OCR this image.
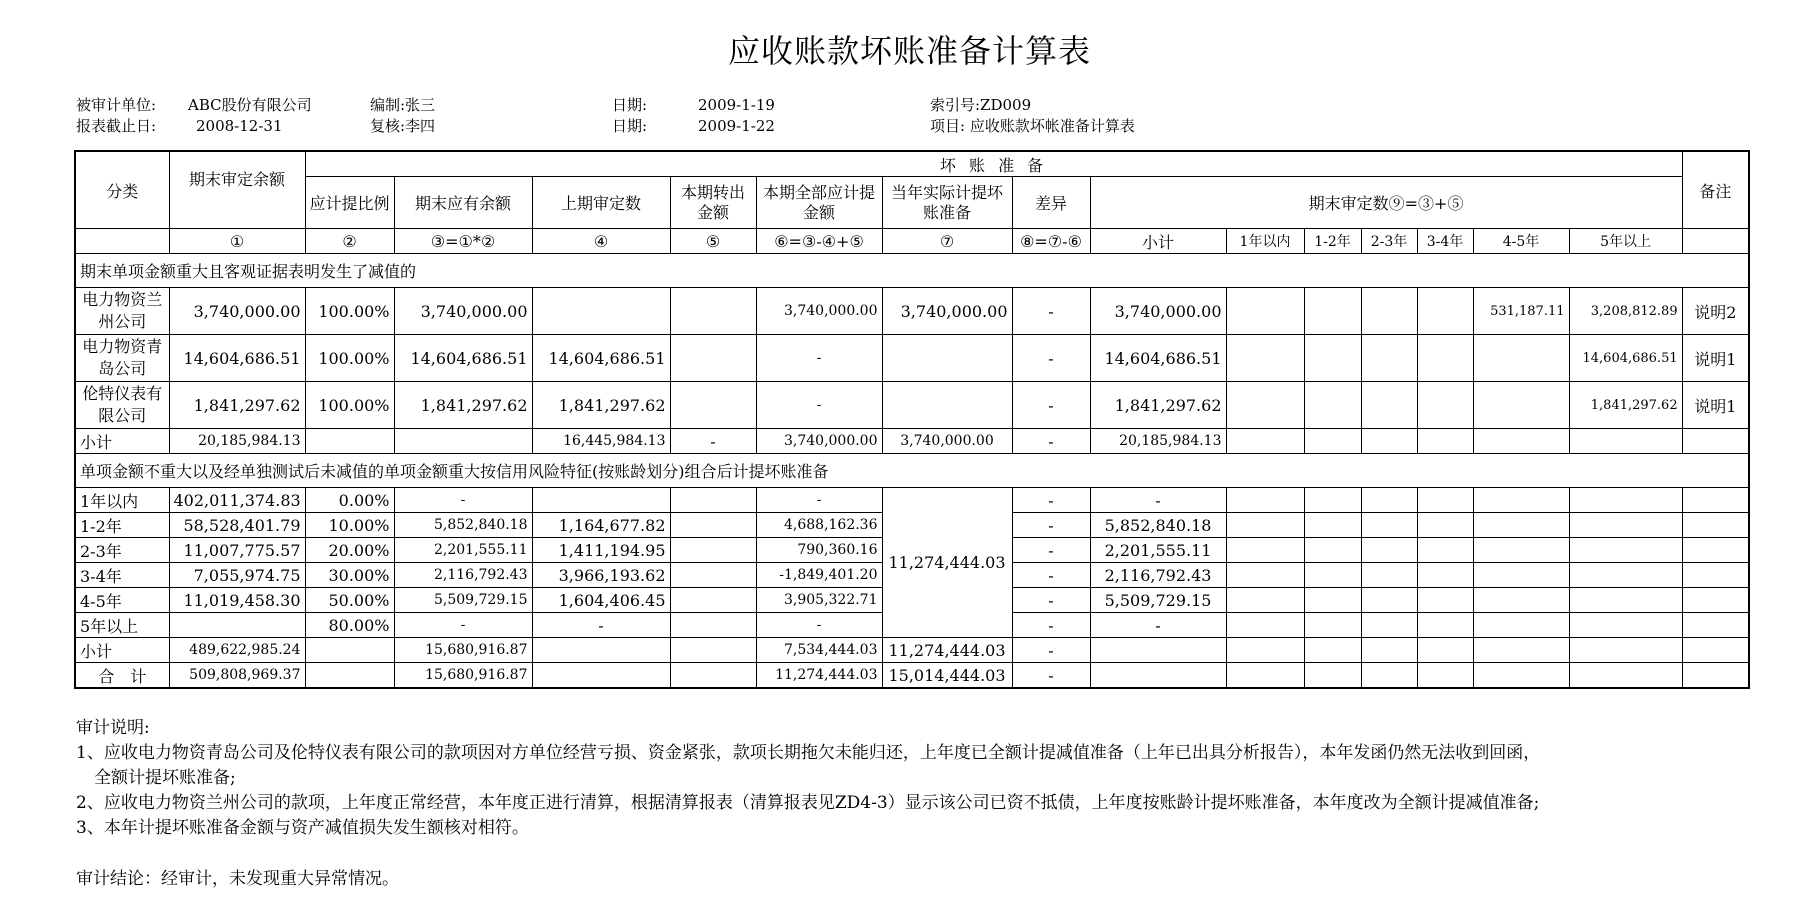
应收账款坏账准备计算表
被审计单位: ABC股份有限公司	编制:张三	日期:	2009-1-19	索引号:ZD009
报表截止日:	2008-12-31	复核:李四	日期:	2009-1-22	项目: 应收账款坏帐准备计算表
分类	期末审定余额	坏 账 准 备														备注
		应计提比例	期末应有余额	上期审定数	本期转出金额	本期全部应计提金额	当年实际计提坏账准备	差异	期末审定数⑨=③+⑤							
	①	②	③=①*②	④	⑤	⑥=③-④+⑤	⑦	⑧=⑦-⑥	小计	1年以内	1-2年	2-3年	3-4年	4-5年	5年以上	
期末单项金额重大且客观证据表明发生了减值的																
电力物资兰州公司	3,740,000.00	100.00%	3,740,000.00			3,740,000.00	3,740,000.00	-	3,740,000.00					531,187.11	3,208,812.89	说明2
电力物资青岛公司	14,604,686.51	100.00%	14,604,686.51	14,604,686.51		-		-	14,604,686.51						14,604,686.51	说明1
伦特仪表有限公司	1,841,297.62	100.00%	1,841,297.62	1,841,297.62		-		-	1,841,297.62						1,841,297.62	说明1
小计	20,185,984.13			16,445,984.13	-	3,740,000.00	3,740,000.00	-	20,185,984.13							
单项金额不重大以及经单独测试后未减值的单项金额重大按信用风险特征(按账龄划分)组合后计提坏账准备																
1年以内	402,011,374.83	0.00%	-			-	11,274,444.03	-	-							
1-2年	58,528,401.79	10.00%	5,852,840.18	1,164,677.82		4,688,162.36		-	5,852,840.18							
2-3年	11,007,775.57	20.00%	2,201,555.11	1,411,194.95		790,360.16		-	2,201,555.11							
3-4年	7,055,974.75	30.00%	2,116,792.43	3,966,193.62		-1,849,401.20		-	2,116,792.43							
4-5年	11,019,458.30	50.00%	5,509,729.15	1,604,406.45		3,905,322.71		-	5,509,729.15							
5年以上		80.00%	-	-		-		-	-							
小计	489,622,985.24		15,680,916.87			7,534,444.03	11,274,444.03	-								
合　计	509,808,969.37		15,680,916.87			11,274,444.03	15,014,444.03	-								
审计说明:
1、应收电力物资青岛公司及伦特仪表有限公司的款项因对方单位经营亏损、资金紧张，款项长期拖欠未能归还，上年度已全额计提减值准备（上年已出具分析报告），本年发函仍然无法收到回函，
全额计提坏账准备;
2、应收电力物资兰州公司的款项，上年度正常经营，本年度正进行清算，根据清算报表（清算报表见ZD4-3）显示该公司已资不抵债，上年度按账龄计提坏账准备，本年度改为全额计提减值准备;
3、本年计提坏账准备金额与资产减值损失发生额核对相符。
审计结论：经审计，未发现重大异常情况。
